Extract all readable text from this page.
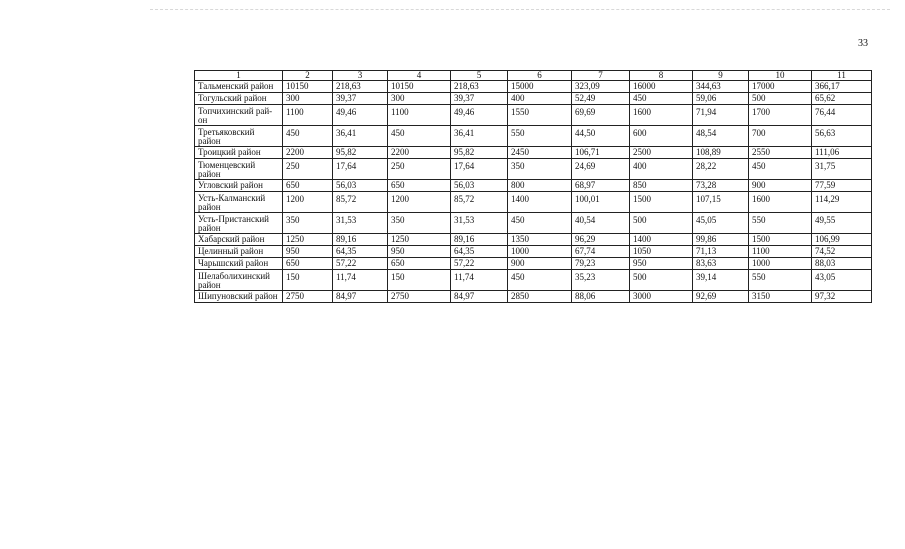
33
1	2	3	4	5	6	7	8	9	10	11
Тальменский район	10150	218,63	10150	218,63	15000	323,09	16000	344,63	17000	366,17
Тогульский район	300	39,37	300	39,37	400	52,49	450	59,06	500	65,62
Топчихинский рай-он	1100	49,46	1100	49,46	1550	69,69	1600	71,94	1700	76,44
Третьяковский район	450	36,41	450	36,41	550	44,50	600	48,54	700	56,63
Троицкий район	2200	95,82	2200	95,82	2450	106,71	2500	108,89	2550	111,06
Тюменцевский район	250	17,64	250	17,64	350	24,69	400	28,22	450	31,75
Угловский район	650	56,03	650	56,03	800	68,97	850	73,28	900	77,59
Усть-Калманский район	1200	85,72	1200	85,72	1400	100,01	1500	107,15	1600	114,29
Усть-Пристанский район	350	31,53	350	31,53	450	40,54	500	45,05	550	49,55
Хабарский район	1250	89,16	1250	89,16	1350	96,29	1400	99,86	1500	106,99
Целинный район	950	64,35	950	64,35	1000	67,74	1050	71,13	1100	74,52
Чарышский район	650	57,22	650	57,22	900	79,23	950	83,63	1000	88,03
Шелаболихинский район	150	11,74	150	11,74	450	35,23	500	39,14	550	43,05
Шипуновский район	2750	84,97	2750	84,97	2850	88,06	3000	92,69	3150	97,32
